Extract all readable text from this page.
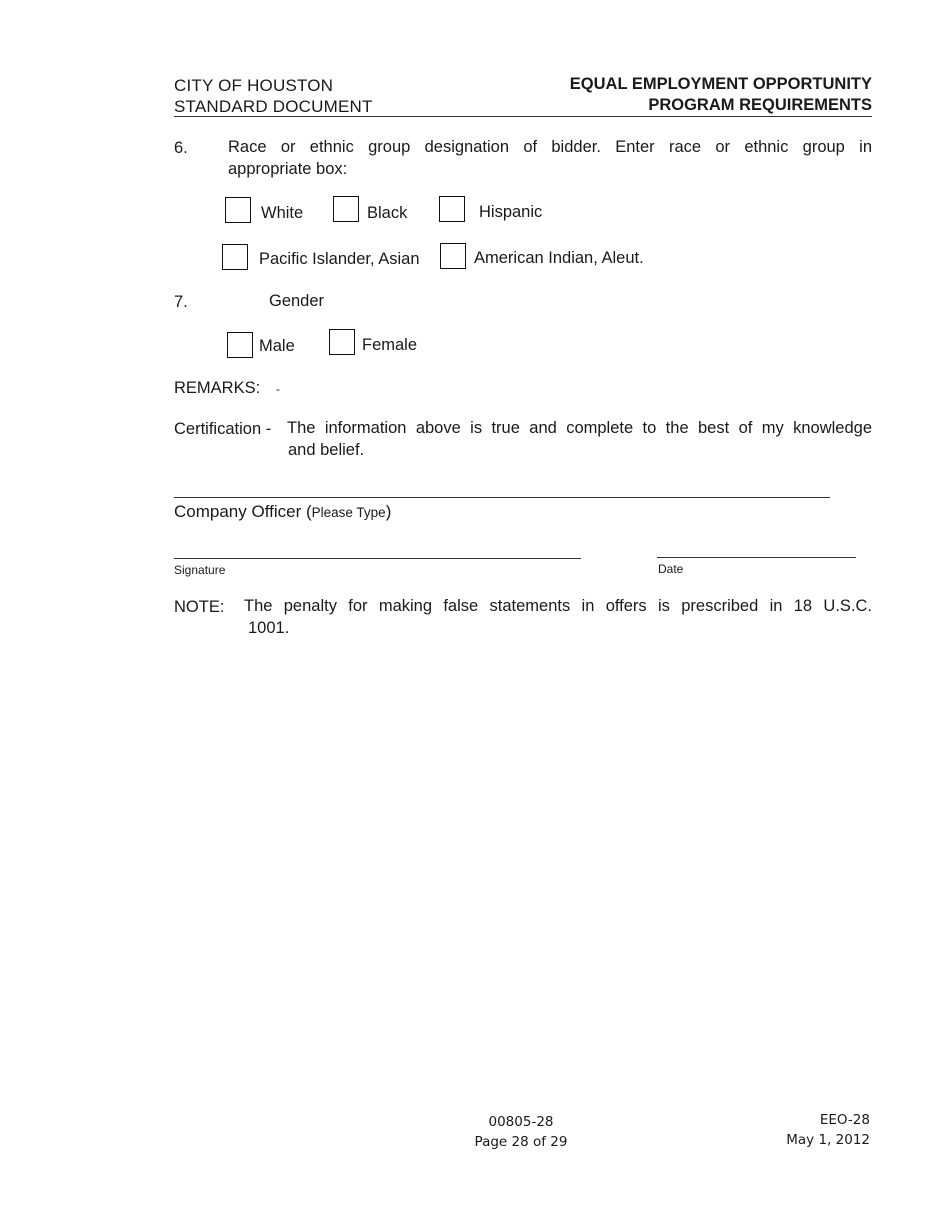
CITY OF HOUSTON
STANDARD DOCUMENT
EQUAL EMPLOYMENT OPPORTUNITY
PROGRAM REQUIREMENTS
6. Race or ethnic group designation of bidder. Enter race or ethnic group in
appropriate box:
White	Black	Hispanic
Pacific Islander, Asian	American Indian, Aleut.
7.	Gender
Male	Female
REMARKS: -
Certification - The information above is true and complete to the best of my knowledge
and belief.
Company Officer (Please Type)
Signature	Date
NOTE: The penalty for making false statements in offers is prescribed in 18 U.S.C.
1001.
00805-28
Page 28 of 29
EEO-28
May 1, 2012
